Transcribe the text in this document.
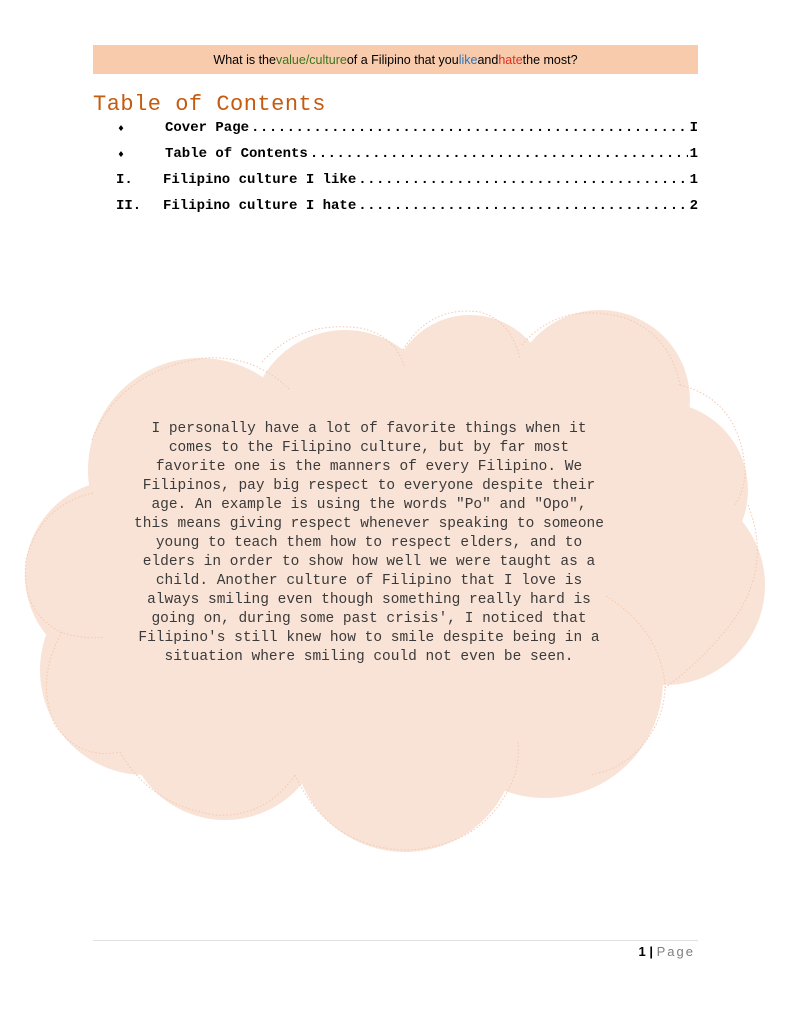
What is the value/culture of a Filipino that you like and hate the most?
Table of Contents
♦	Cover Page .....	I
♦	Table of Contents .....	1
I.	Filipino culture I like .....	1
II.	Filipino culture I hate .....	2
I personally have a lot of favorite things when it comes to the Filipino culture, but by far most favorite one is the manners of every Filipino. We Filipinos, pay big respect to everyone despite their age. An example is using the words "Po" and "Opo", this means giving respect whenever speaking to someone young to teach them how to respect elders, and to elders in order to show how well we were taught as a child. Another culture of Filipino that I love is always smiling even though something really hard is going on, during some past crisis', I noticed that Filipino's still knew how to smile despite being in a situation where smiling could not even be seen.
1 | Page
